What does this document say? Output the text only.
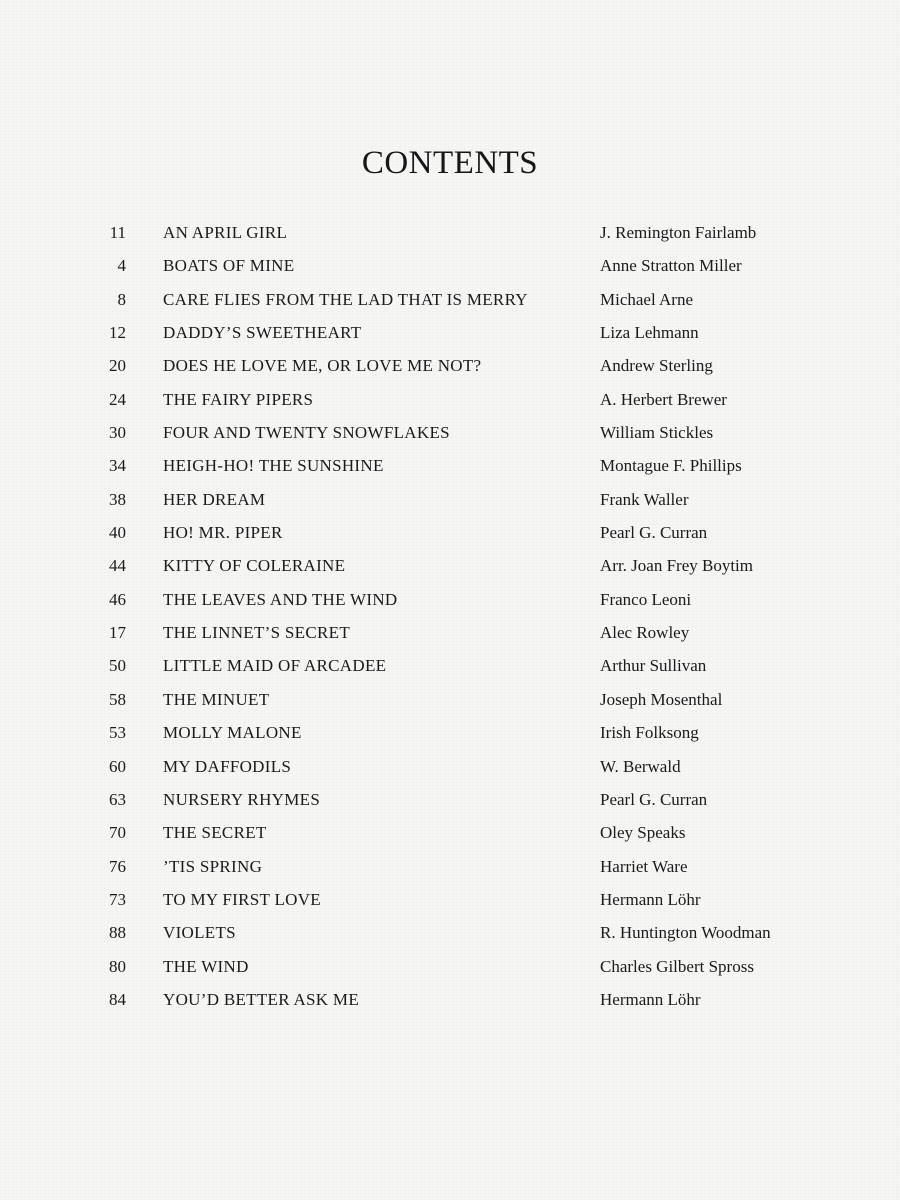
CONTENTS
11 AN APRIL GIRL	J. Remington Fairlamb
4 BOATS OF MINE	Anne Stratton Miller
8 CARE FLIES FROM THE LAD THAT IS MERRY	Michael Arne
12 DADDY’S SWEETHEART	Liza Lehmann
20 DOES HE LOVE ME, OR LOVE ME NOT?	Andrew Sterling
24 THE FAIRY PIPERS	A. Herbert Brewer
30 FOUR AND TWENTY SNOWFLAKES	William Stickles
34 HEIGH-HO! THE SUNSHINE	Montague F. Phillips
38 HER DREAM	Frank Waller
40 HO! MR. PIPER	Pearl G. Curran
44 KITTY OF COLERAINE	Arr. Joan Frey Boytim
46 THE LEAVES AND THE WIND	Franco Leoni
17 THE LINNET’S SECRET	Alec Rowley
50 LITTLE MAID OF ARCADEE	Arthur Sullivan
58 THE MINUET	Joseph Mosenthal
53 MOLLY MALONE	Irish Folksong
60 MY DAFFODILS	W. Berwald
63 NURSERY RHYMES	Pearl G. Curran
70 THE SECRET	Oley Speaks
76 ’TIS SPRING	Harriet Ware
73 TO MY FIRST LOVE	Hermann Löhr
88 VIOLETS	R. Huntington Woodman
80 THE WIND	Charles Gilbert Spross
84 YOU’D BETTER ASK ME	Hermann Löhr
